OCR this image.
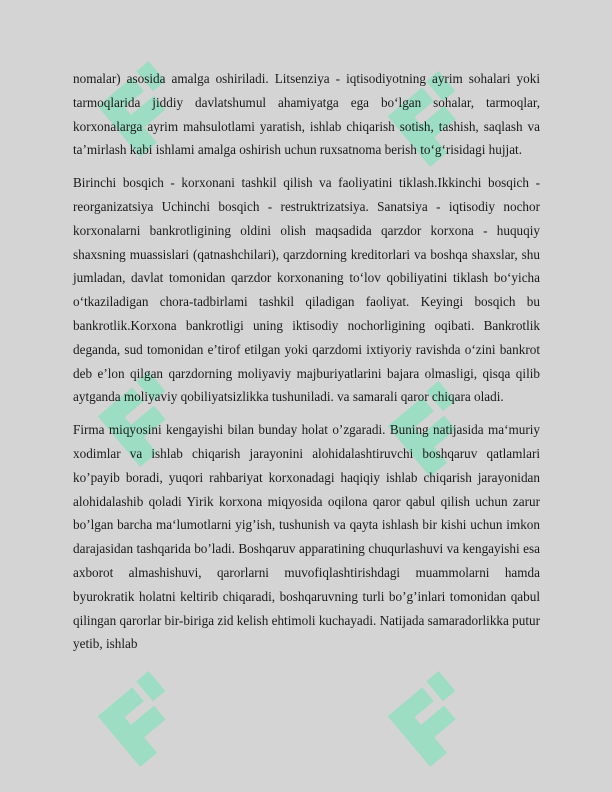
nomalar) asosida amalga oshiriladi. Litsenziya - iqtisodiyotning ayrim sohalari yoki tarmoqlarida jiddiy davlatshumul ahamiyatga ega bo‘lgan sohalar, tarmoqlar, korxonalarga ayrim mahsulotlami yaratish, ishlab chiqarish sotish, tashish, saqlash va ta’mirlash kabi ishlami amalga oshirish uchun ruxsatnoma berish to‘g‘risidagi hujjat.

Birinchi bosqich - korxonani tashkil qilish va faoliyatini tiklash.Ikkinchi bosqich - reorganizatsiya Uchinchi bosqich - restruktrizatsiya. Sanatsiya - iqtisodiy nochor korxonalarni bankrotligining oldini olish maqsadida qarzdor korxona - huquqiy shaxsning muassislari (qatnashchilari), qarzdorning kreditorlari va boshqa shaxslar, shu jumladan, davlat tomonidan qarzdor korxonaning to‘lov qobiliyatini tiklash bo‘yicha o‘tkaziladigan chora-tadbirlami tashkil qiladigan faoliyat. Keyingi bosqich bu bankrotlik.Korxona bankrotligi uning iktisodiy nochorligining oqibati. Bankrotlik deganda, sud tomonidan e’tirof etilgan yoki qarzdomi ixtiyoriy ravishda o‘zini bankrot deb e’lon qilgan qarzdorning moliyaviy majburiyatlarini bajara olmasligi, qisqa qilib aytganda moliyaviy qobiliyatsizlikka tushuniladi. va samarali qaror chiqara oladi.

Firma miqyosini kengayishi bilan bunday holat o’zgaradi. Buning natijasida ma‘muriy xodimlar va ishlab chiqarish jarayonini alohidalashtiruvchi boshqaruv qatlamlari ko’payib boradi, yuqori rahbariyat korxonadagi haqiqiy ishlab chiqarish jarayonidan alohidalashib qoladi Yirik korxona miqyosida oqilona qaror qabul qilish uchun zarur bo’lgan barcha ma‘lumotlarni yig’ish, tushunish va qayta ishlash bir kishi uchun imkon darajasidan tashqarida bo’ladi. Boshqaruv apparatining chuqurlashuvi va kengayishi esa axborot almashishuvi, qarorlarni muvofiqlashtirishdagi muammolarni hamda byurokratik holatni keltirib chiqaradi, boshqaruvning turli bo’g’inlari tomonidan qabul qilingan qarorlar bir-biriga zid kelish ehtimoli kuchayadi. Natijada samaradorlikka putur yetib, ishlab
